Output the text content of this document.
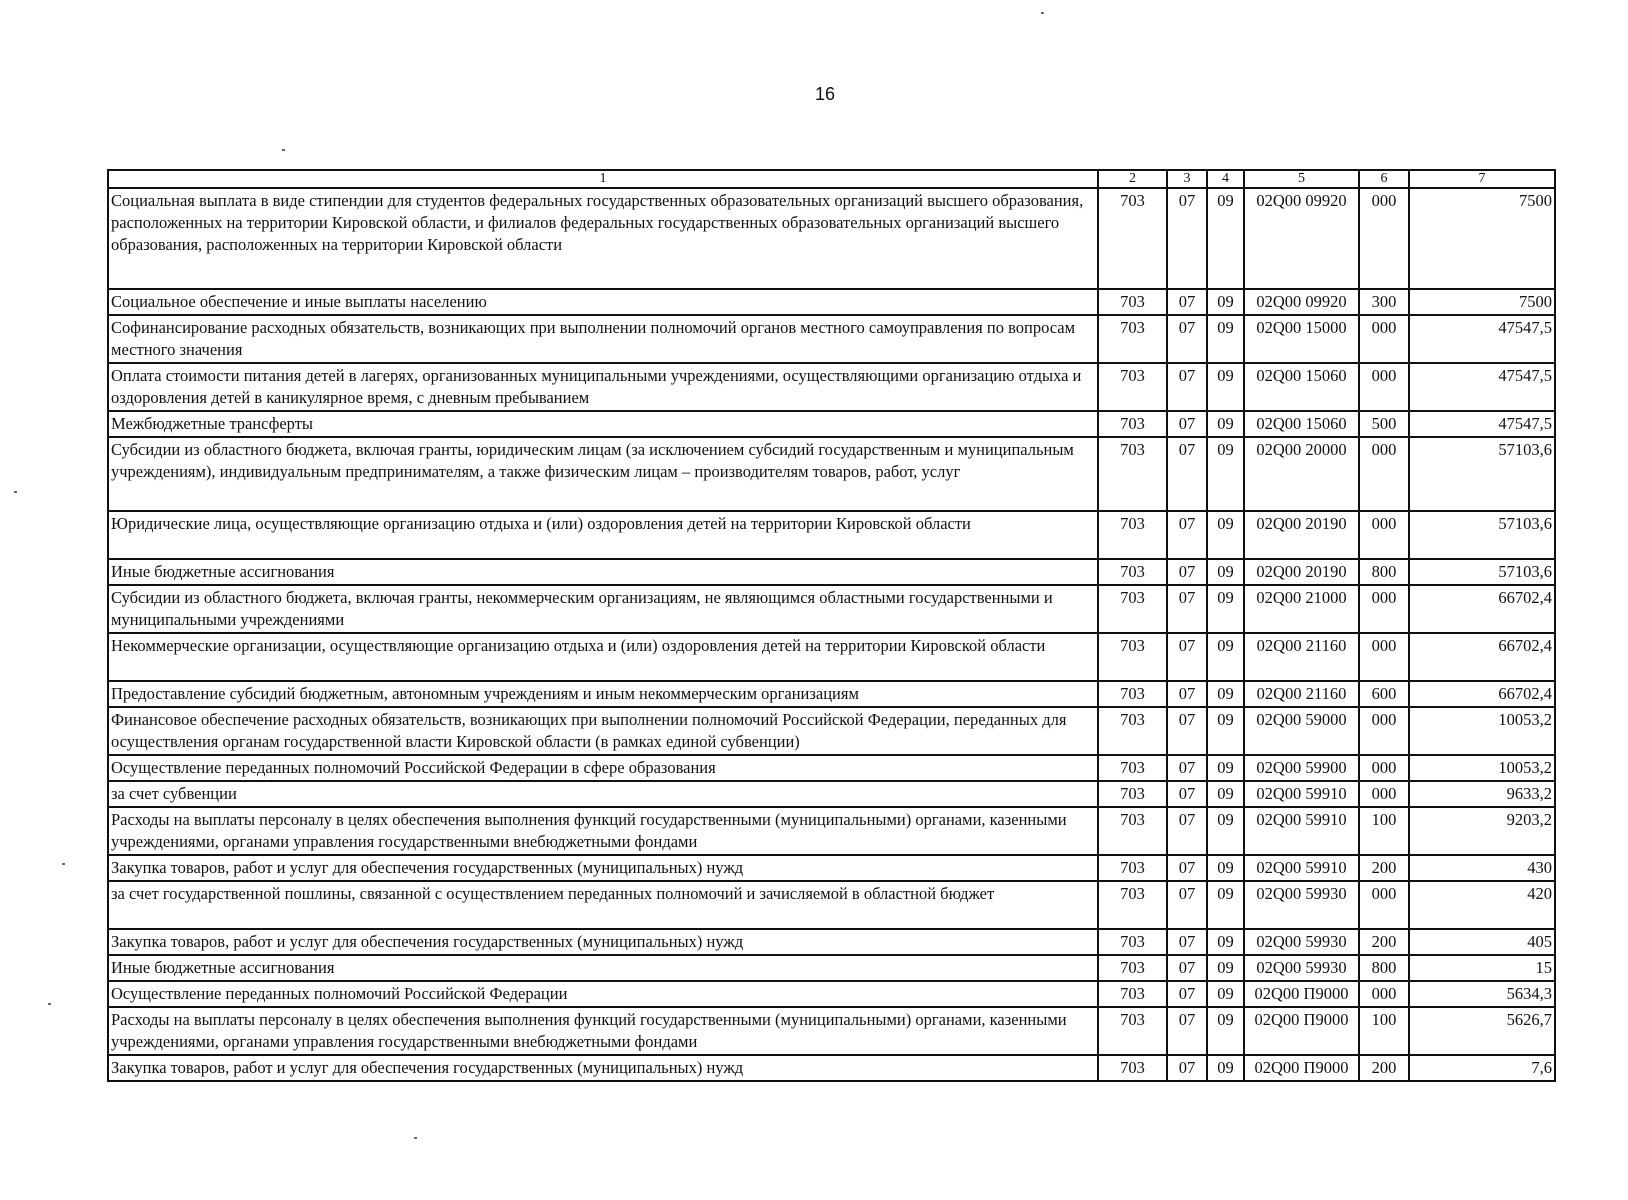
16
1	2	3	4	5	6	7
Социальная выплата в виде стипендии для студентов федеральных государственных образовательных организаций высшего образования, расположенных на территории Кировской области, и филиалов федеральных государственных образовательных организаций высшего образования, расположенных на территории Кировской области	703	07	09	02Q00 09920	000	7500
Социальное обеспечение и иные выплаты населению	703	07	09	02Q00 09920	300	7500
Софинансирование расходных обязательств, возникающих при выполнении полномочий органов местного самоуправления по вопросам местного значения	703	07	09	02Q00 15000	000	47547,5
Оплата стоимости питания детей в лагерях, организованных муниципальными учреждениями, осуществляющими организацию отдыха и оздоровления детей в каникулярное время, с дневным пребыванием	703	07	09	02Q00 15060	000	47547,5
Межбюджетные трансферты	703	07	09	02Q00 15060	500	47547,5
Субсидии из областного бюджета, включая гранты, юридическим лицам (за исключением субсидий государственным и муниципальным учреждениям), индивидуальным предпринимателям, а также физическим лицам – производителям товаров, работ, услуг	703	07	09	02Q00 20000	000	57103,6
Юридические лица, осуществляющие организацию отдыха и (или) оздоровления детей на территории Кировской области	703	07	09	02Q00 20190	000	57103,6
Иные бюджетные ассигнования	703	07	09	02Q00 20190	800	57103,6
Субсидии из областного бюджета, включая гранты, некоммерческим организациям, не являющимся областными государственными и муниципальными учреждениями	703	07	09	02Q00 21000	000	66702,4
Некоммерческие организации, осуществляющие организацию отдыха и (или) оздоровления детей на территории Кировской области	703	07	09	02Q00 21160	000	66702,4
Предоставление субсидий бюджетным, автономным учреждениям и иным некоммерческим организациям	703	07	09	02Q00 21160	600	66702,4
Финансовое обеспечение расходных обязательств, возникающих при выполнении полномочий Российской Федерации, переданных для осуществления органам государственной власти Кировской области (в рамках единой субвенции)	703	07	09	02Q00 59000	000	10053,2
Осуществление переданных полномочий Российской Федерации в сфере образования	703	07	09	02Q00 59900	000	10053,2
за счет субвенции	703	07	09	02Q00 59910	000	9633,2
Расходы на выплаты персоналу в целях обеспечения выполнения функций государственными (муниципальными) органами, казенными учреждениями, органами управления государственными внебюджетными фондами	703	07	09	02Q00 59910	100	9203,2
Закупка товаров, работ и услуг для обеспечения государственных (муниципальных) нужд	703	07	09	02Q00 59910	200	430
за счет государственной пошлины, связанной с осуществлением переданных полномочий и зачисляемой в областной бюджет	703	07	09	02Q00 59930	000	420
Закупка товаров, работ и услуг для обеспечения государственных (муниципальных) нужд	703	07	09	02Q00 59930	200	405
Иные бюджетные ассигнования	703	07	09	02Q00 59930	800	15
Осуществление переданных полномочий Российской Федерации	703	07	09	02Q00 П9000	000	5634,3
Расходы на выплаты персоналу в целях обеспечения выполнения функций государственными (муниципальными) органами, казенными учреждениями, органами управления государственными внебюджетными фондами	703	07	09	02Q00 П9000	100	5626,7
Закупка товаров, работ и услуг для обеспечения государственных (муниципальных) нужд	703	07	09	02Q00 П9000	200	7,6
